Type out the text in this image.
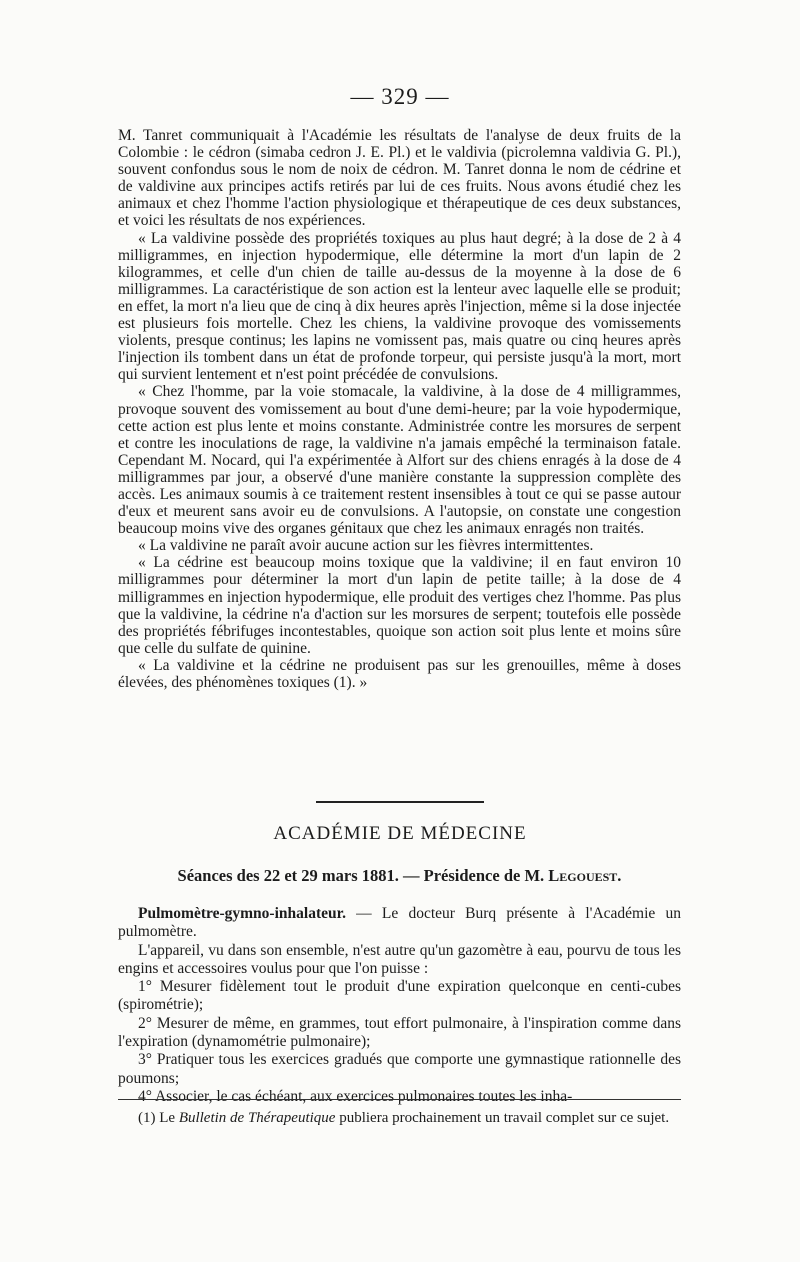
— 329 —

M. Tanret communiquait à l'Académie les résultats de l'analyse de deux fruits de la Colombie : le cédron (simaba cedron J. E. Pl.) et le valdivia (picrolemna valdivia G. Pl.), souvent confondus sous le nom de noix de cédron. M. Tanret donna le nom de cédrine et de valdivine aux principes actifs retirés par lui de ces fruits. Nous avons étudié chez les animaux et chez l'homme l'action physiologique et thérapeutique de ces deux substances, et voici les résultats de nos expériences.

« La valdivine possède des propriétés toxiques au plus haut degré; à la dose de 2 à 4 milligrammes, en injection hypodermique, elle détermine la mort d'un lapin de 2 kilogrammes, et celle d'un chien de taille au-dessus de la moyenne à la dose de 6 milligrammes. La caractéristique de son action est la lenteur avec laquelle elle se produit; en effet, la mort n'a lieu que de cinq à dix heures après l'injection, même si la dose injectée est plusieurs fois mortelle. Chez les chiens, la valdivine provoque des vomissements violents, presque continus; les lapins ne vomissent pas, mais quatre ou cinq heures après l'injection ils tombent dans un état de profonde torpeur, qui persiste jusqu'à la mort, mort qui survient lentement et n'est point précédée de convulsions.

« Chez l'homme, par la voie stomacale, la valdivine, à la dose de 4 milligrammes, provoque souvent des vomissement au bout d'une demi-heure; par la voie hypodermique, cette action est plus lente et moins constante. Administrée contre les morsures de serpent et contre les inoculations de rage, la valdivine n'a jamais empêché la terminaison fatale. Cependant M. Nocard, qui l'a expérimentée à Alfort sur des chiens enragés à la dose de 4 milligrammes par jour, a observé d'une manière constante la suppression complète des accès. Les animaux soumis à ce traitement restent insensibles à tout ce qui se passe autour d'eux et meurent sans avoir eu de convulsions. A l'autopsie, on constate une congestion beaucoup moins vive des organes génitaux que chez les animaux enragés non traités.

« La valdivine ne paraît avoir aucune action sur les fièvres intermittentes.

« La cédrine est beaucoup moins toxique que la valdivine; il en faut environ 10 milligrammes pour déterminer la mort d'un lapin de petite taille; à la dose de 4 milligrammes en injection hypodermique, elle produit des vertiges chez l'homme. Pas plus que la valdivine, la cédrine n'a d'action sur les morsures de serpent; toutefois elle possède des propriétés fébrifuges incontestables, quoique son action soit plus lente et moins sûre que celle du sulfate de quinine.

« La valdivine et la cédrine ne produisent pas sur les grenouilles, même à doses élevées, des phénomènes toxiques (1). »

ACADÉMIE DE MÉDECINE
Séances des 22 et 29 mars 1881. — Présidence de M. Legouest.

Pulmomètre-gymno-inhalateur. — Le docteur Burq présente à l'Académie un pulmomètre.

L'appareil, vu dans son ensemble, n'est autre qu'un gazomètre à eau, pourvu de tous les engins et accessoires voulus pour que l'on puisse :

1° Mesurer fidèlement tout le produit d'une expiration quelconque en centi-cubes (spirométrie);

2° Mesurer de même, en grammes, tout effort pulmonaire, à l'inspiration comme dans l'expiration (dynamométrie pulmonaire);

3° Pratiquer tous les exercices gradués que comporte une gymnastique rationnelle des poumons;

4° Associer, le cas échéant, aux exercices pulmonaires toutes les inha-

(1) Le Bulletin de Thérapeutique publiera prochainement un travail complet sur ce sujet.
